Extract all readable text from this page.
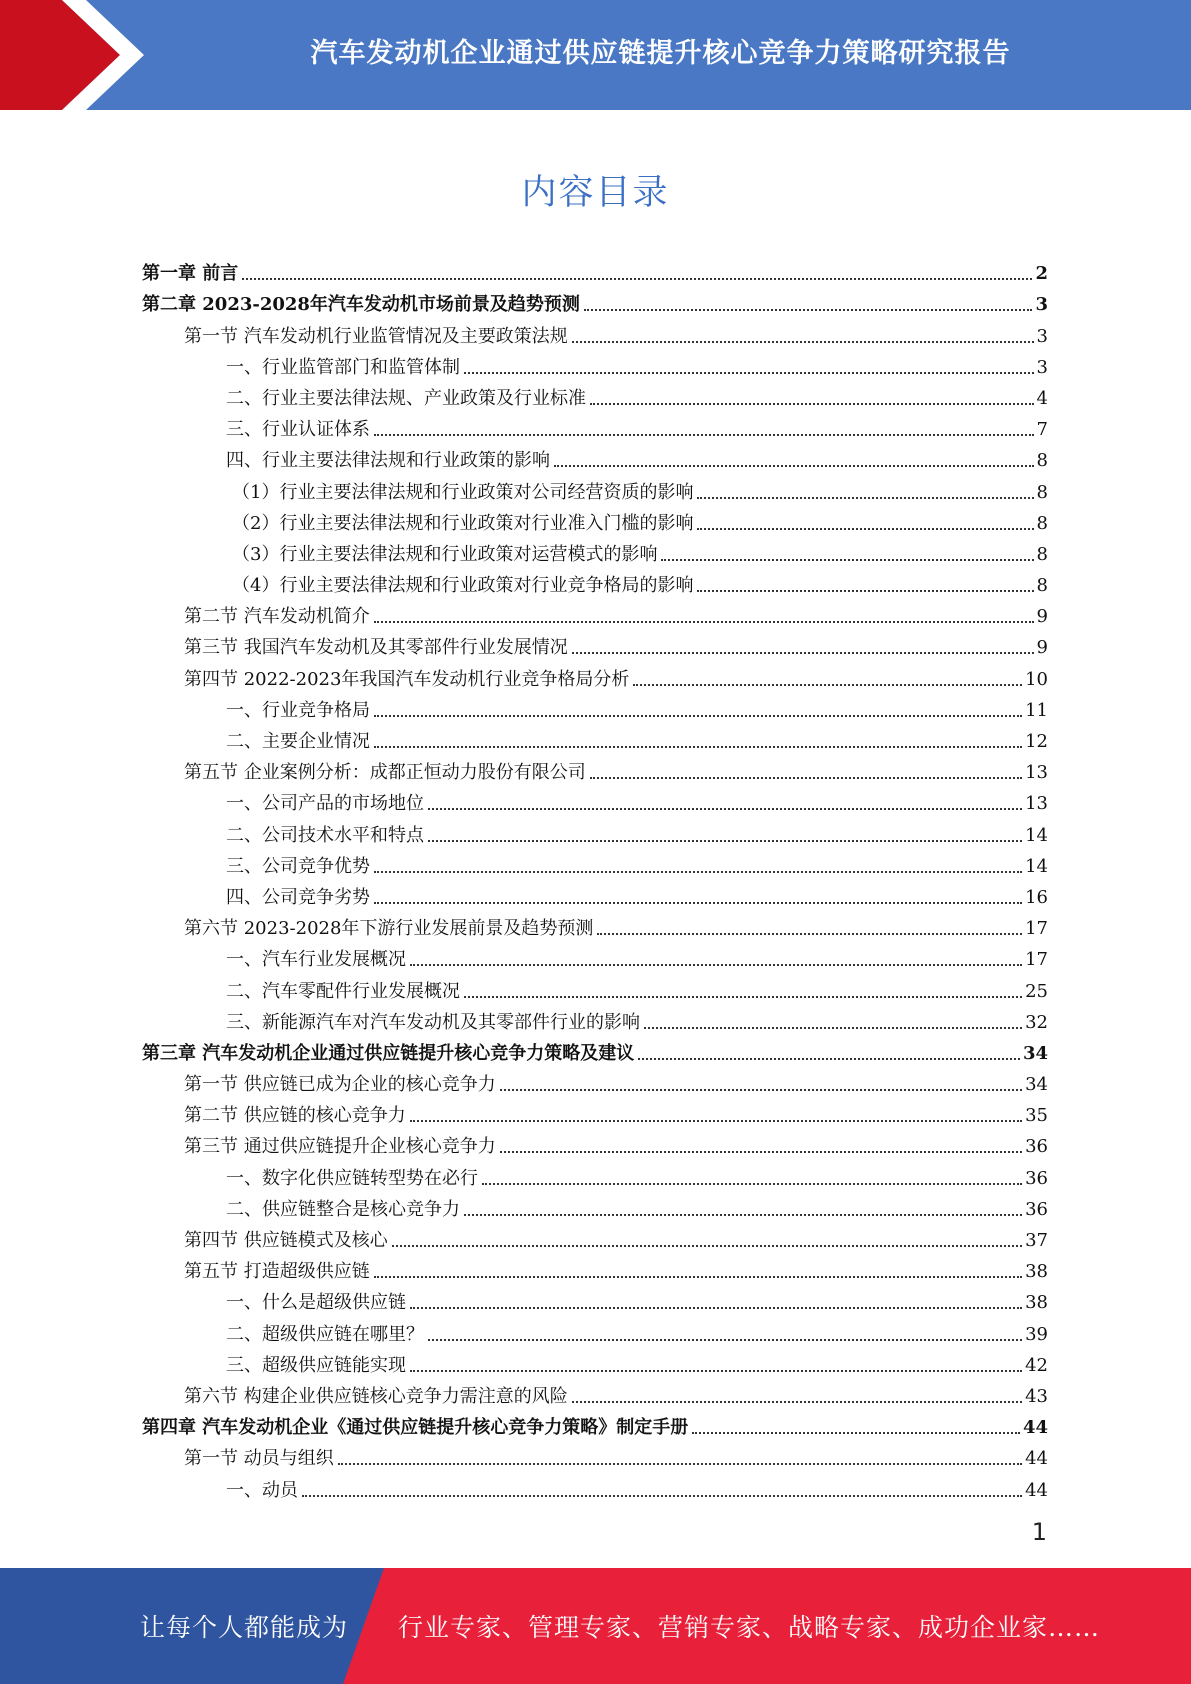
汽车发动机企业通过供应链提升核心竞争力策略研究报告
内容目录
第一章 前言	2
第二章 2023-2028年汽车发动机市场前景及趋势预测	3
第一节 汽车发动机行业监管情况及主要政策法规	3
一、行业监管部门和监管体制	3
二、行业主要法律法规、产业政策及行业标准	4
三、行业认证体系	7
四、行业主要法律法规和行业政策的影响	8
（1）行业主要法律法规和行业政策对公司经营资质的影响	8
（2）行业主要法律法规和行业政策对行业准入门槛的影响	8
（3）行业主要法律法规和行业政策对运营模式的影响	8
（4）行业主要法律法规和行业政策对行业竞争格局的影响	8
第二节 汽车发动机简介	9
第三节 我国汽车发动机及其零部件行业发展情况	9
第四节 2022-2023年我国汽车发动机行业竞争格局分析	10
一、行业竞争格局	11
二、主要企业情况	12
第五节 企业案例分析：成都正恒动力股份有限公司	13
一、公司产品的市场地位	13
二、公司技术水平和特点	14
三、公司竞争优势	14
四、公司竞争劣势	16
第六节 2023-2028年下游行业发展前景及趋势预测	17
一、汽车行业发展概况	17
二、汽车零配件行业发展概况	25
三、新能源汽车对汽车发动机及其零部件行业的影响	32
第三章 汽车发动机企业通过供应链提升核心竞争力策略及建议	34
第一节 供应链已成为企业的核心竞争力	34
第二节 供应链的核心竞争力	35
第三节 通过供应链提升企业核心竞争力	36
一、数字化供应链转型势在必行	36
二、供应链整合是核心竞争力	36
第四节 供应链模式及核心	37
第五节 打造超级供应链	38
一、什么是超级供应链	38
二、超级供应链在哪里？	39
三、超级供应链能实现	42
第六节 构建企业供应链核心竞争力需注意的风险	43
第四章 汽车发动机企业《通过供应链提升核心竞争力策略》制定手册	44
第一节 动员与组织	44
一、动员	44
1
让每个人都能成为 行业专家、管理专家、营销专家、战略专家、成功企业家……
